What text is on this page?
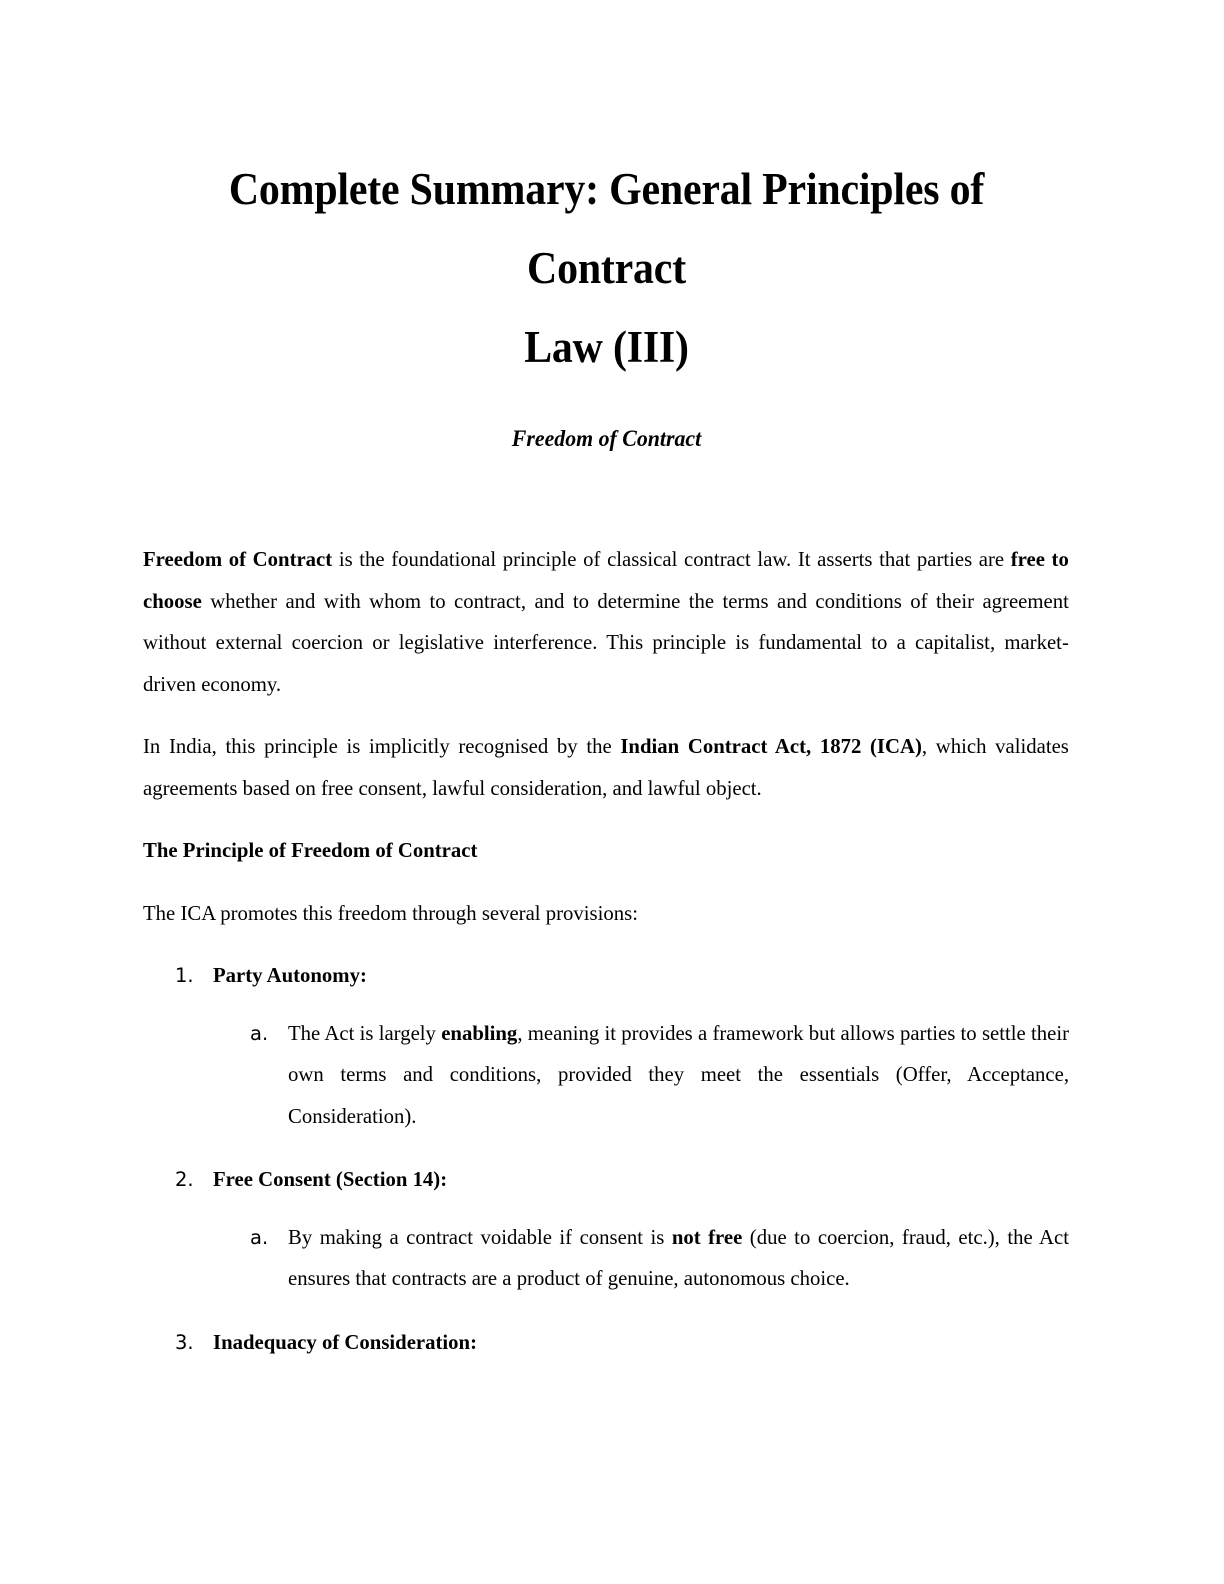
Complete Summary: General Principles of Contract
Law (III)
Freedom of Contract

Freedom of Contract is the foundational principle of classical contract law. It asserts that parties are free to choose whether and with whom to contract, and to determine the terms and conditions of their agreement without external coercion or legislative interference. This principle is fundamental to a capitalist, market-driven economy.

In India, this principle is implicitly recognised by the Indian Contract Act, 1872 (ICA), which validates agreements based on free consent, lawful consideration, and lawful object.

The Principle of Freedom of Contract

The ICA promotes this freedom through several provisions:

1. Party Autonomy:
a. The Act is largely enabling, meaning it provides a framework but allows parties to settle their own terms and conditions, provided they meet the essentials (Offer, Acceptance, Consideration).
2. Free Consent (Section 14):
a. By making a contract voidable if consent is not free (due to coercion, fraud, etc.), the Act ensures that contracts are a product of genuine, autonomous choice.
3. Inadequacy of Consideration:
